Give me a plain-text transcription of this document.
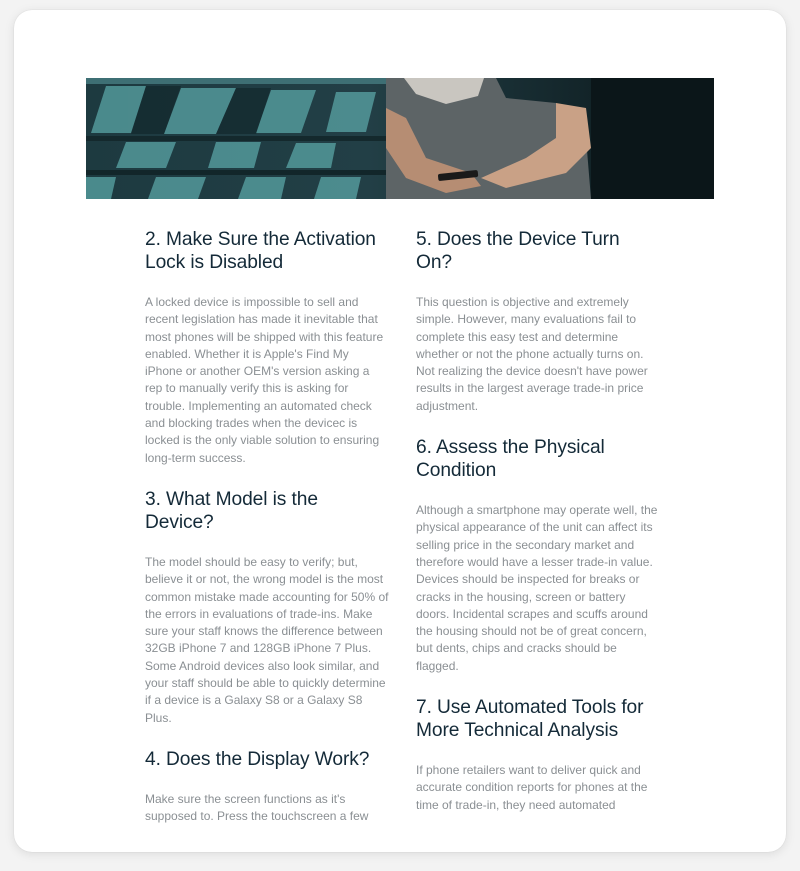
2. Make Sure the Activation Lock is Disabled

A locked device is impossible to sell and recent legislation has made it inevitable that most phones will be shipped with this feature enabled. Whether it is Apple's Find My iPhone or another OEM's version asking a rep to manually verify this is asking for trouble. Implementing an automated check and blocking trades when the devicec is locked is the only viable solution to ensuring long-term success.

3. What Model is the Device?

The model should be easy to verify; but, believe it or not, the wrong model is the most common mistake made accounting for 50% of the errors in evaluations of trade-ins. Make sure your staff knows the difference between 32GB iPhone 7 and 128GB iPhone 7 Plus. Some Android devices also look similar, and your staff should be able to quickly determine if a device is a Galaxy S8 or a Galaxy S8 Plus.

4. Does the Display Work?

Make sure the screen functions as it's supposed to. Press the touchscreen a few

5. Does the Device Turn On?

This question is objective and extremely simple. However, many evaluations fail to complete this easy test and determine whether or not the phone actually turns on. Not realizing the device doesn't have power results in the largest average trade-in price adjustment.

6. Assess the Physical Condition

Although a smartphone may operate well, the physical appearance of the unit can affect its selling price in the secondary market and therefore would have a lesser trade-in value. Devices should be inspected for breaks or cracks in the housing, screen or battery doors. Incidental scrapes and scuffs around the housing should not be of great concern, but dents, chips and cracks should be flagged.

7. Use Automated Tools for More Technical Analysis

If phone retailers want to deliver quick and accurate condition reports for phones at the time of trade-in, they need automated
